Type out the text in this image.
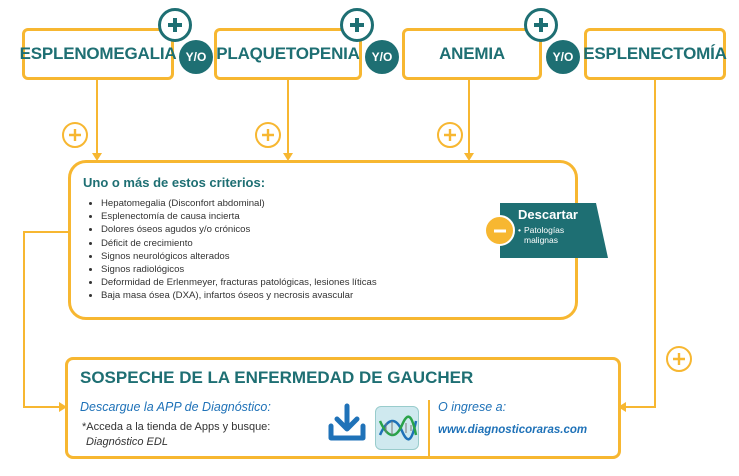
ESPLENOMEGALIA PLAQUETOPENIA	ANEMIA	ESPLENECTOMÍA
Y/O	Y/O	Y/O
Uno o más de estos criterios:
• Hepatomegalia (Disconfort abdominal)
• Esplenectomía de causa incierta
• Dolores óseos agudos y/o crónicos
• Déficit de crecimiento
• Signos neurológicos alterados
• Signos radiológicos
• Deformidad de Erlenmeyer, fracturas patológicas, lesiones líticas
• Baja masa ósea (DXA), infartos óseos y necrosis avascular
Descartar
• Patologías malignas
SOSPECHE DE LA ENFERMEDAD DE GAUCHER
Descargue la APP de Diagnóstico:
*Acceda a la tienda de Apps y busque:
Diagnóstico EDL
O ingrese a:
www.diagnosticoraras.com
